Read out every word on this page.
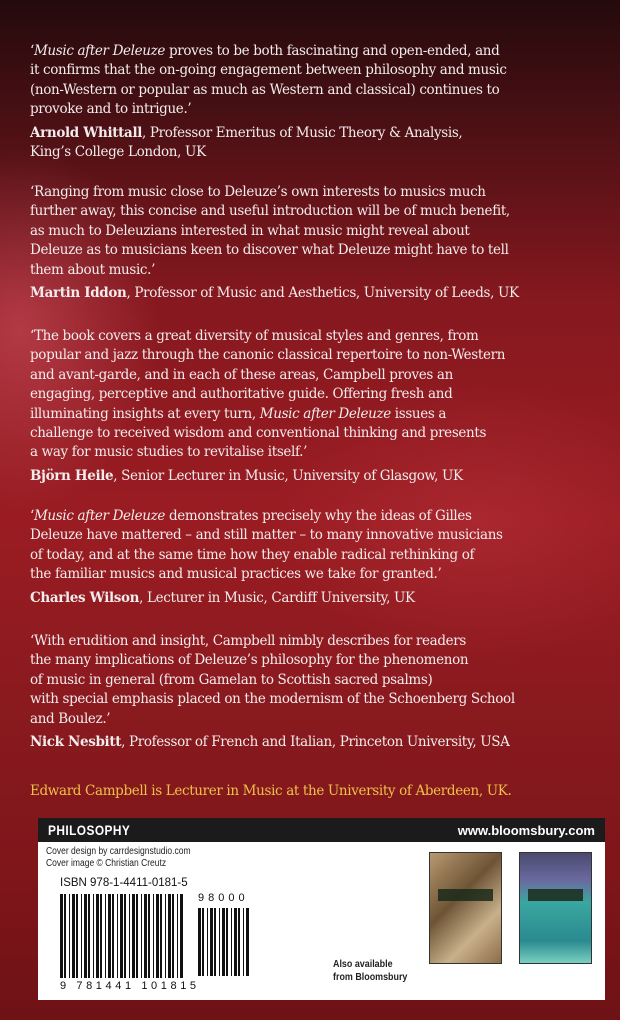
‘Music after Deleuze proves to be both fascinating and open-ended, and
it confirms that the on-going engagement between philosophy and music
(non-Western or popular as much as Western and classical) continues to
provoke and to intrigue.’
Arnold Whittall, Professor Emeritus of Music Theory & Analysis,
King’s College London, UK
‘Ranging from music close to Deleuze’s own interests to musics much
further away, this concise and useful introduction will be of much benefit,
as much to Deleuzians interested in what music might reveal about
Deleuze as to musicians keen to discover what Deleuze might have to tell
them about music.’
Martin Iddon, Professor of Music and Aesthetics, University of Leeds, UK
‘The book covers a great diversity of musical styles and genres, from
popular and jazz through the canonic classical repertoire to non-Western
and avant-garde, and in each of these areas, Campbell proves an
engaging, perceptive and authoritative guide. Offering fresh and
illuminating insights at every turn, Music after Deleuze issues a
challenge to received wisdom and conventional thinking and presents
a way for music studies to revitalise itself.’
Björn Heile, Senior Lecturer in Music, University of Glasgow, UK
‘Music after Deleuze demonstrates precisely why the ideas of Gilles
Deleuze have mattered – and still matter – to many innovative musicians
of today, and at the same time how they enable radical rethinking of
the familiar musics and musical practices we take for granted.’
Charles Wilson, Lecturer in Music, Cardiff University, UK
‘With erudition and insight, Campbell nimbly describes for readers
the many implications of Deleuze’s philosophy for the phenomenon
of music in general (from Gamelan to Scottish sacred psalms)
with special emphasis placed on the modernism of the Schoenberg School
and Boulez.’
Nick Nesbitt, Professor of French and Italian, Princeton University, USA
Edward Campbell is Lecturer in Music at the University of Aberdeen, UK.
PHILOSOPHY	www.bloomsbury.com
Cover design by carrdesignstudio.com
Cover image © Christian Creutz
ISBN 978-1-4411-0181-5
98000
9 781441 101815
Also available
from Bloomsbury
